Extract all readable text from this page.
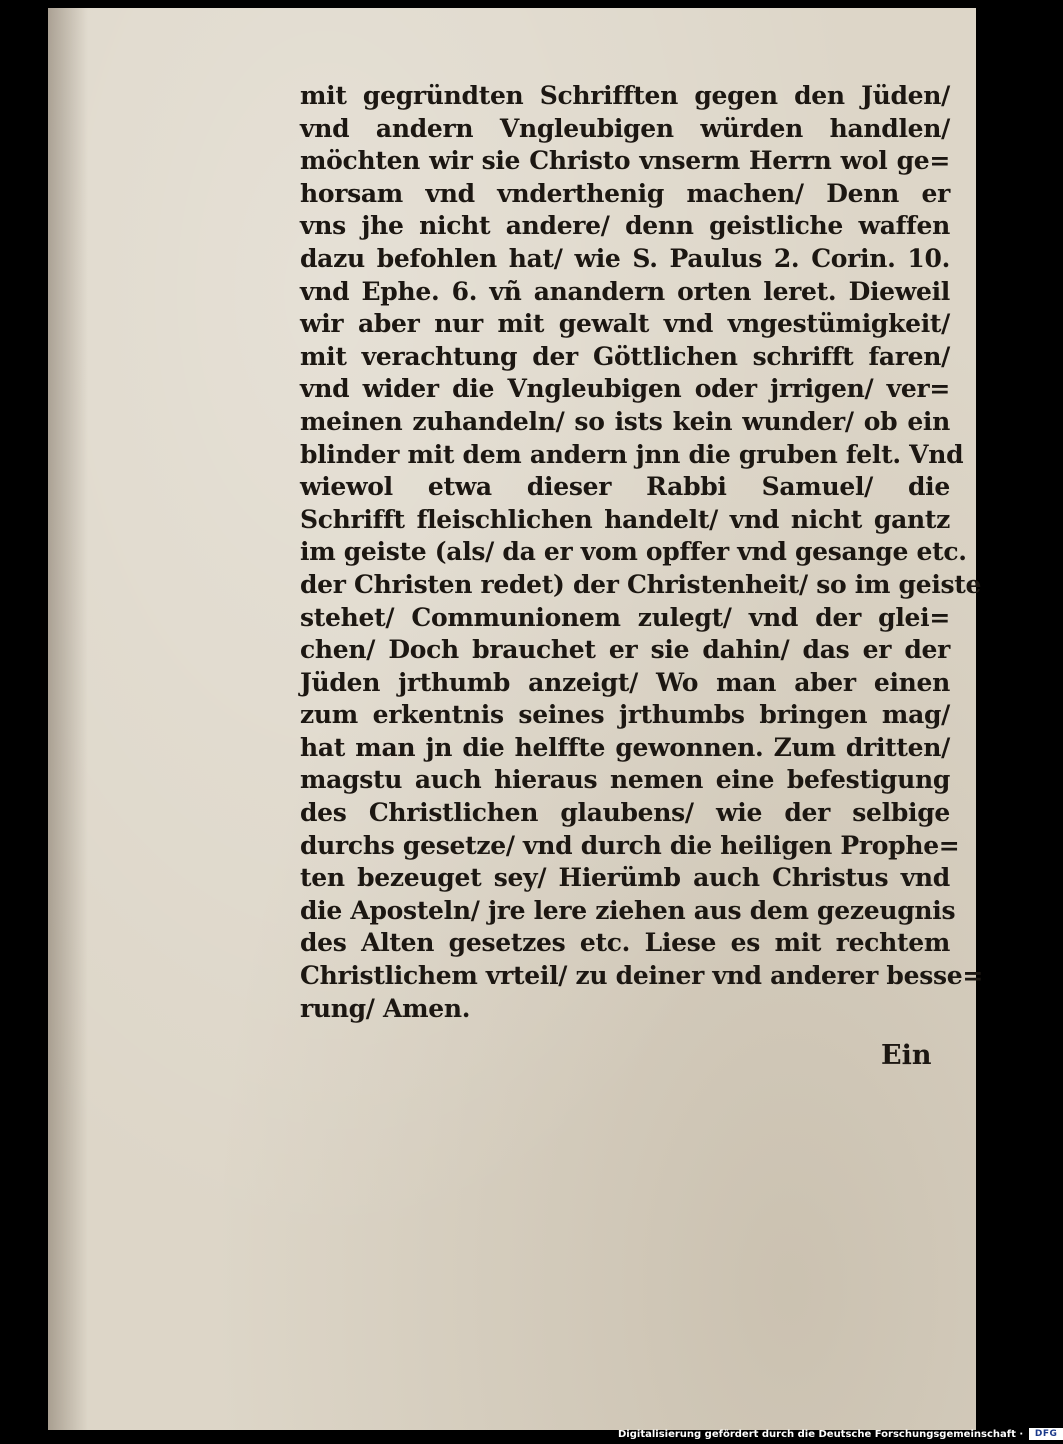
mit gegründten Schrifften gegen den Jüden/
vnd andern Vngleubigen würden handlen/
möchten wir sie Christo vnserm Herrn wol ge=
horsam vnd vnderthenig machen/ Denn er
vns jhe nicht andere/ denn geistliche waffen
dazu befohlen hat/ wie S. Paulus 2. Corin. 10.
vnd Ephe. 6. vñ anandern orten leret. Dieweil
wir aber nur mit gewalt vnd vngestümigkeit/
mit verachtung der Göttlichen schrifft faren/
vnd wider die Vngleubigen oder jrrigen/ ver=
meinen zuhandeln/ so ists kein wunder/ ob ein
blinder mit dem andern jnn die gruben felt. Vnd
wiewol etwa dieser Rabbi Samuel/ die
Schrifft fleischlichen handelt/ vnd nicht gantz
im geiste (als/ da er vom opffer vnd gesange etc.
der Christen redet) der Christenheit/ so im geiste
stehet/ Communionem zulegt/ vnd der glei=
chen/ Doch brauchet er sie dahin/ das er der
Jüden jrthumb anzeigt/ Wo man aber einen
zum erkentnis seines jrthumbs bringen mag/
hat man jn die helffte gewonnen. Zum dritten/
magstu auch hieraus nemen eine befestigung
des Christlichen glaubens/ wie der selbige
durchs gesetze/ vnd durch die heiligen Prophe=
ten bezeuget sey/ Hierümb auch Christus vnd
die Aposteln/ jre lere ziehen aus dem gezeugnis
des Alten gesetzes etc. Liese es mit rechtem
Christlichem vrteil/ zu deiner vnd anderer besse=
rung/ Amen.
Ein
Digitalisierung gefördert durch die Deutsche Forschungsgemeinschaft ·	DFG
